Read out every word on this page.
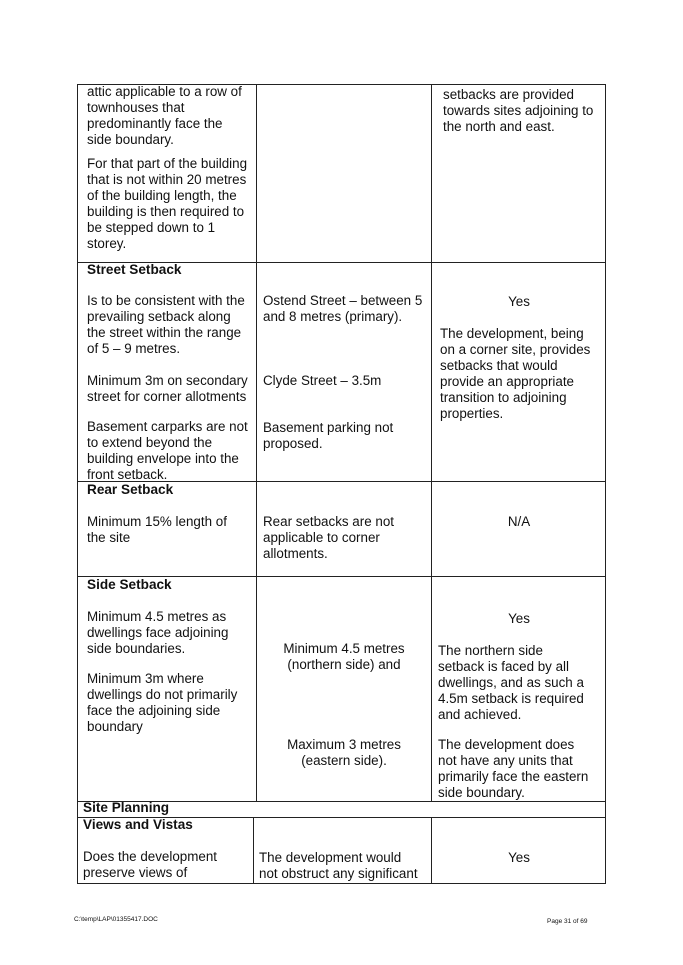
attic applicable to a row of
townhouses that
predominantly face the
side boundary.
For that part of the building
that is not within 20 metres
of the building length, the
building is then required to
be stepped down to 1
storey.
setbacks are provided
towards sites adjoining to
the north and east.
Street Setback
Is to be consistent with the
prevailing setback along
the street within the range
of 5 – 9 metres.
Minimum 3m on secondary
street for corner allotments
Basement carparks are not
to extend beyond the
building envelope into the
front setback.
Ostend Street – between 5
and 8 metres (primary).
Clyde Street – 3.5m
Basement parking not
proposed.
Yes
The development, being
on a corner site, provides
setbacks that would
provide an appropriate
transition to adjoining
properties.
Rear Setback
Minimum 15% length of
the site
Rear setbacks are not
applicable to corner
allotments.
N/A
Side Setback
Minimum 4.5 metres as
dwellings face adjoining
side boundaries.
Minimum 3m where
dwellings do not primarily
face the adjoining side
boundary
Minimum 4.5 metres
(northern side) and
Maximum 3 metres
(eastern side).
Yes
The northern side
setback is faced by all
dwellings, and as such a
4.5m setback is required
and achieved.
The development does
not have any units that
primarily face the eastern
side boundary.
Site Planning
Views and Vistas
Does the development
preserve views of
The development would
not obstruct any significant
Yes
C:\temp\LAP\01355417.DOC	Page 31 of 69
